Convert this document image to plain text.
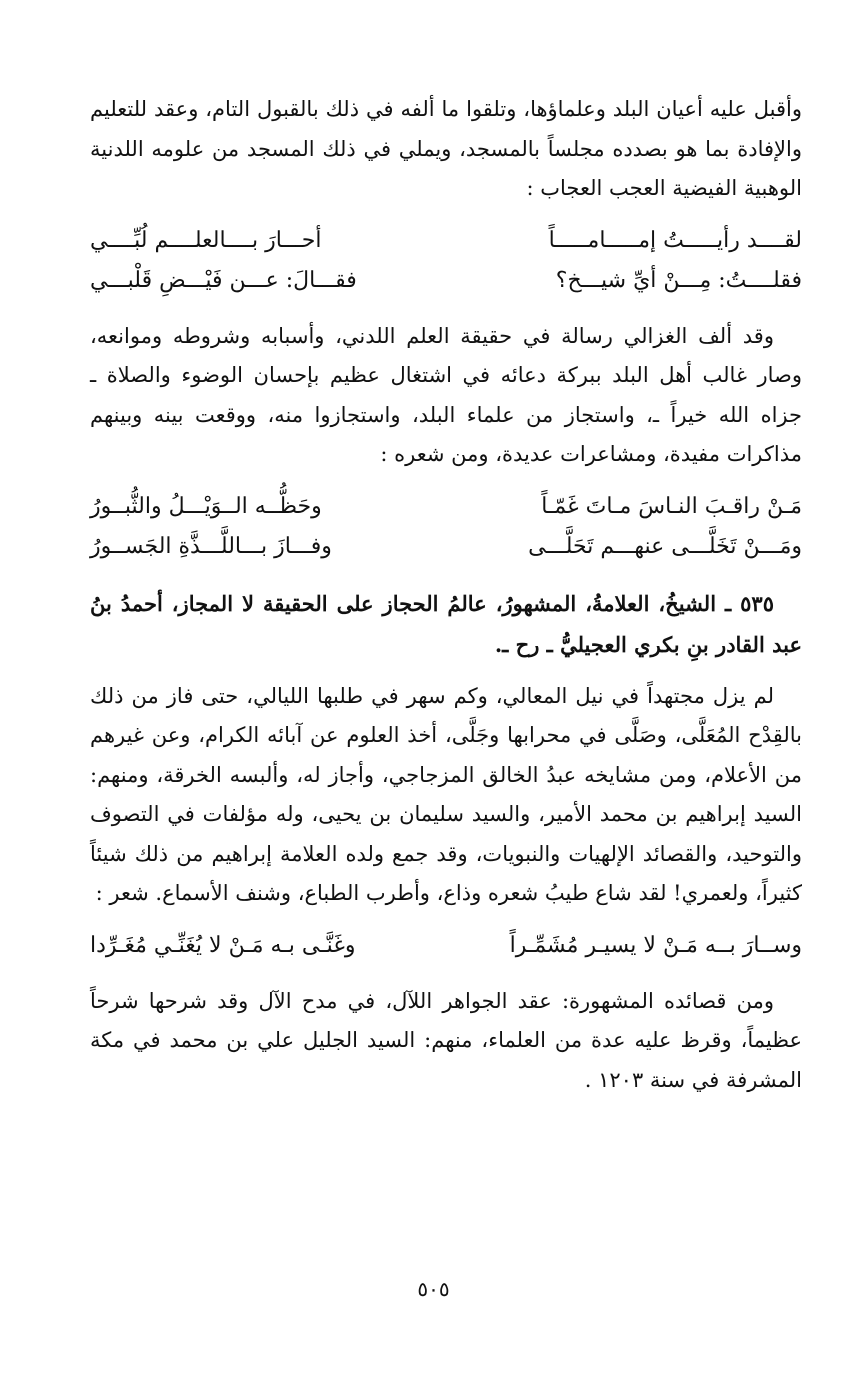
وأقبل عليه أعيان البلد وعلماؤها، وتلقوا ما ألفه في ذلك بالقبول التام، وعقد للتعليم والإفادة بما هو بصدده مجلساً بالمسجد، ويملي في ذلك المسجد من علومه اللدنية الوهبية الفيضية العجب العجاب :

لقــــد رأيـــــتُ إمـــــامـــــاً
أحـــارَ بــــالعلــــم لُبِّــــي
فقلــــتُ: مِـــنْ أيِّ شيـــخ؟
فقـــالَ: عـــن فَيْـــضِ قَلْبـــي

وقد ألف الغزالي رسالة في حقيقة العلم اللدني، وأسبابه وشروطه وموانعه، وصار غالب أهل البلد ببركة دعائه في اشتغال عظيم بإحسان الوضوء والصلاة ـ جزاه الله خيراً ـ، واستجاز من علماء البلد، واستجازوا منه، ووقعت بينه وبينهم مذاكرات مفيدة، ومشاعرات عديدة، ومن شعره :

مَـنْ راقـبَ النـاسَ مـاتَ غَمّـاً
وحَظُّــه الــوَيْـــلُ والثُّبــورُ
ومَـــنْ تَخَلَّـــى عنهـــم تَحَلَّـــى
وفـــازَ بـــاللَّـــذَّةِ الجَســورُ

٥٣٥ ـ الشيخُ، العلامةُ، المشهورُ، عالمُ الحجاز على الحقيقة لا المجاز، أحمدُ بنُ عبد القادر بنِ بكري العجيليُّ ـ رح ـ.

لم يزل مجتهداً في نيل المعالي، وكم سهر في طلبها الليالي، حتى فاز من ذلك بالقِدْح المُعَلَّى، وصَلَّى في محرابها وجَلَّى، أخذ العلوم عن آبائه الكرام، وعن غيرهم من الأعلام، ومن مشايخه عبدُ الخالق المزجاجي، وأجاز له، وألبسه الخرقة، ومنهم: السيد إبراهيم بن محمد الأمير، والسيد سليمان بن يحيى، وله مؤلفات في التصوف والتوحيد، والقصائد الإلهيات والنبويات، وقد جمع ولده العلامة إبراهيم من ذلك شيئاً كثيراً، ولعمري! لقد شاع طيبُ شعره وذاع، وأطرب الطباع، وشنف الأسماع. شعر :

وســارَ بــه مَـنْ لا يسيـر مُشَمِّـراً
وغَنَّـى بـه مَـنْ لا يُغَنِّـي مُغَـرِّدا

ومن قصائده المشهورة: عقد الجواهر اللآل، في مدح الآل وقد شرحها شرحاً عظيماً، وقرظ عليه عدة من العلماء، منهم: السيد الجليل علي بن محمد في مكة المشرفة في سنة ١٢٠٣ .

٥٠٥
